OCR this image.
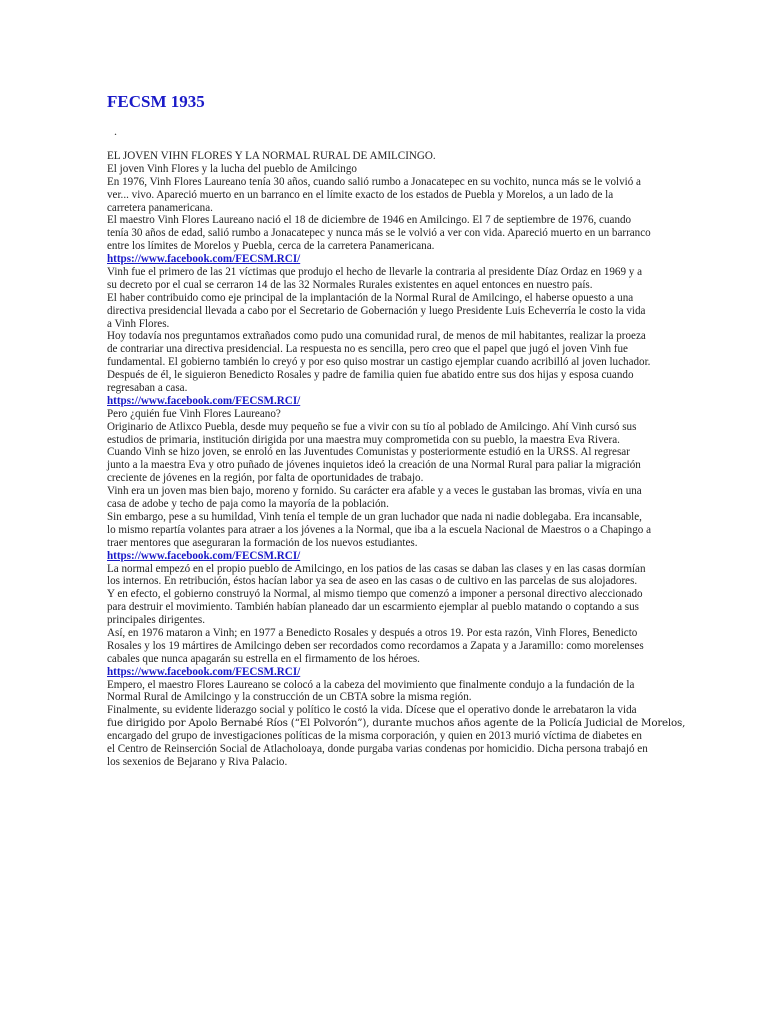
FECSM 1935
.
EL JOVEN VIHN FLORES Y LA NORMAL RURAL DE AMILCINGO.
El joven Vinh Flores y la lucha del pueblo de Amilcingo
En 1976, Vinh Flores Laureano tenía 30 años, cuando salió rumbo a Jonacatepec en su vochito, nunca más se le volvió a
ver... vivo. Apareció muerto en un barranco en el límite exacto de los estados de Puebla y Morelos, a un lado de la
carretera panamericana.
El maestro Vinh Flores Laureano nació el 18 de diciembre de 1946 en Amilcingo. El 7 de septiembre de 1976, cuando
tenía 30 años de edad, salió rumbo a Jonacatepec y nunca más se le volvió a ver con vida. Apareció muerto en un barranco
entre los límites de Morelos y Puebla, cerca de la carretera Panamericana.
https://www.facebook.com/FECSM.RCI/
Vinh fue el primero de las 21 víctimas que produjo el hecho de llevarle la contraria al presidente Díaz Ordaz en 1969 y a
su decreto por el cual se cerraron 14 de las 32 Normales Rurales existentes en aquel entonces en nuestro país.
El haber contribuido como eje principal de la implantación de la Normal Rural de Amilcingo, el haberse opuesto a una
directiva presidencial llevada a cabo por el Secretario de Gobernación y luego Presidente Luis Echeverría le costo la vida
a Vinh Flores.
Hoy todavía nos preguntamos extrañados como pudo una comunidad rural, de menos de mil habitantes, realizar la proeza
de contrariar una directiva presidencial. La respuesta no es sencilla, pero creo que el papel que jugó el joven Vinh fue
fundamental. El gobierno también lo creyó y por eso quiso mostrar un castigo ejemplar cuando acribilló al joven luchador.
Después de él, le siguieron Benedicto Rosales y padre de familia quien fue abatido entre sus dos hijas y esposa cuando
regresaban a casa.
https://www.facebook.com/FECSM.RCI/
Pero ¿quién fue Vinh Flores Laureano?
Originario de Atlixco Puebla, desde muy pequeño se fue a vivir con su tío al poblado de Amilcingo. Ahí Vinh cursó sus
estudios de primaria, institución dirigida por una maestra muy comprometida con su pueblo, la maestra Eva Rivera.
Cuando Vinh se hizo joven, se enroló en las Juventudes Comunistas y posteriormente estudió en la URSS. Al regresar
junto a la maestra Eva y otro puñado de jóvenes inquietos ideó la creación de una Normal Rural para paliar la migración
creciente de jóvenes en la región, por falta de oportunidades de trabajo.
Vinh era un joven mas bien bajo, moreno y fornido. Su carácter era afable y a veces le gustaban las bromas, vivía en una
casa de adobe y techo de paja como la mayoría de la población.
Sin embargo, pese a su humildad, Vinh tenía el temple de un gran luchador que nada ni nadie doblegaba. Era incansable,
lo mismo repartía volantes para atraer a los jóvenes a la Normal, que iba a la escuela Nacional de Maestros o a Chapingo a
traer mentores que aseguraran la formación de los nuevos estudiantes.
https://www.facebook.com/FECSM.RCI/
La normal empezó en el propio pueblo de Amilcingo, en los patios de las casas se daban las clases y en las casas dormían
los internos. En retribución, éstos hacían labor ya sea de aseo en las casas o de cultivo en las parcelas de sus alojadores.
Y en efecto, el gobierno construyó la Normal, al mismo tiempo que comenzó a imponer a personal directivo aleccionado
para destruir el movimiento. También habían planeado dar un escarmiento ejemplar al pueblo matando o coptando a sus
principales dirigentes.
Así, en 1976 mataron a Vinh; en 1977 a Benedicto Rosales y después a otros 19. Por esta razón, Vinh Flores, Benedicto
Rosales y los 19 mártires de Amilcingo deben ser recordados como recordamos a Zapata y a Jaramillo: como morelenses
cabales que nunca apagarán su estrella en el firmamento de los héroes.
https://www.facebook.com/FECSM.RCI/
Empero, el maestro Flores Laureano se colocó a la cabeza del movimiento que finalmente condujo a la fundación de la
Normal Rural de Amilcingo y la construcción de un CBTA sobre la misma región.
Finalmente, su evidente liderazgo social y político le costó la vida. Dícese que el operativo donde le arrebataron la vida
fue dirigido por Apolo Bernabé Ríos (“El Polvorón”), durante muchos años agente de la Policía Judicial de Morelos,
encargado del grupo de investigaciones políticas de la misma corporación, y quien en 2013 murió víctima de diabetes en
el Centro de Reinserción Social de Atlacholoaya, donde purgaba varias condenas por homicidio. Dicha persona trabajó en
los sexenios de Bejarano y Riva Palacio.
